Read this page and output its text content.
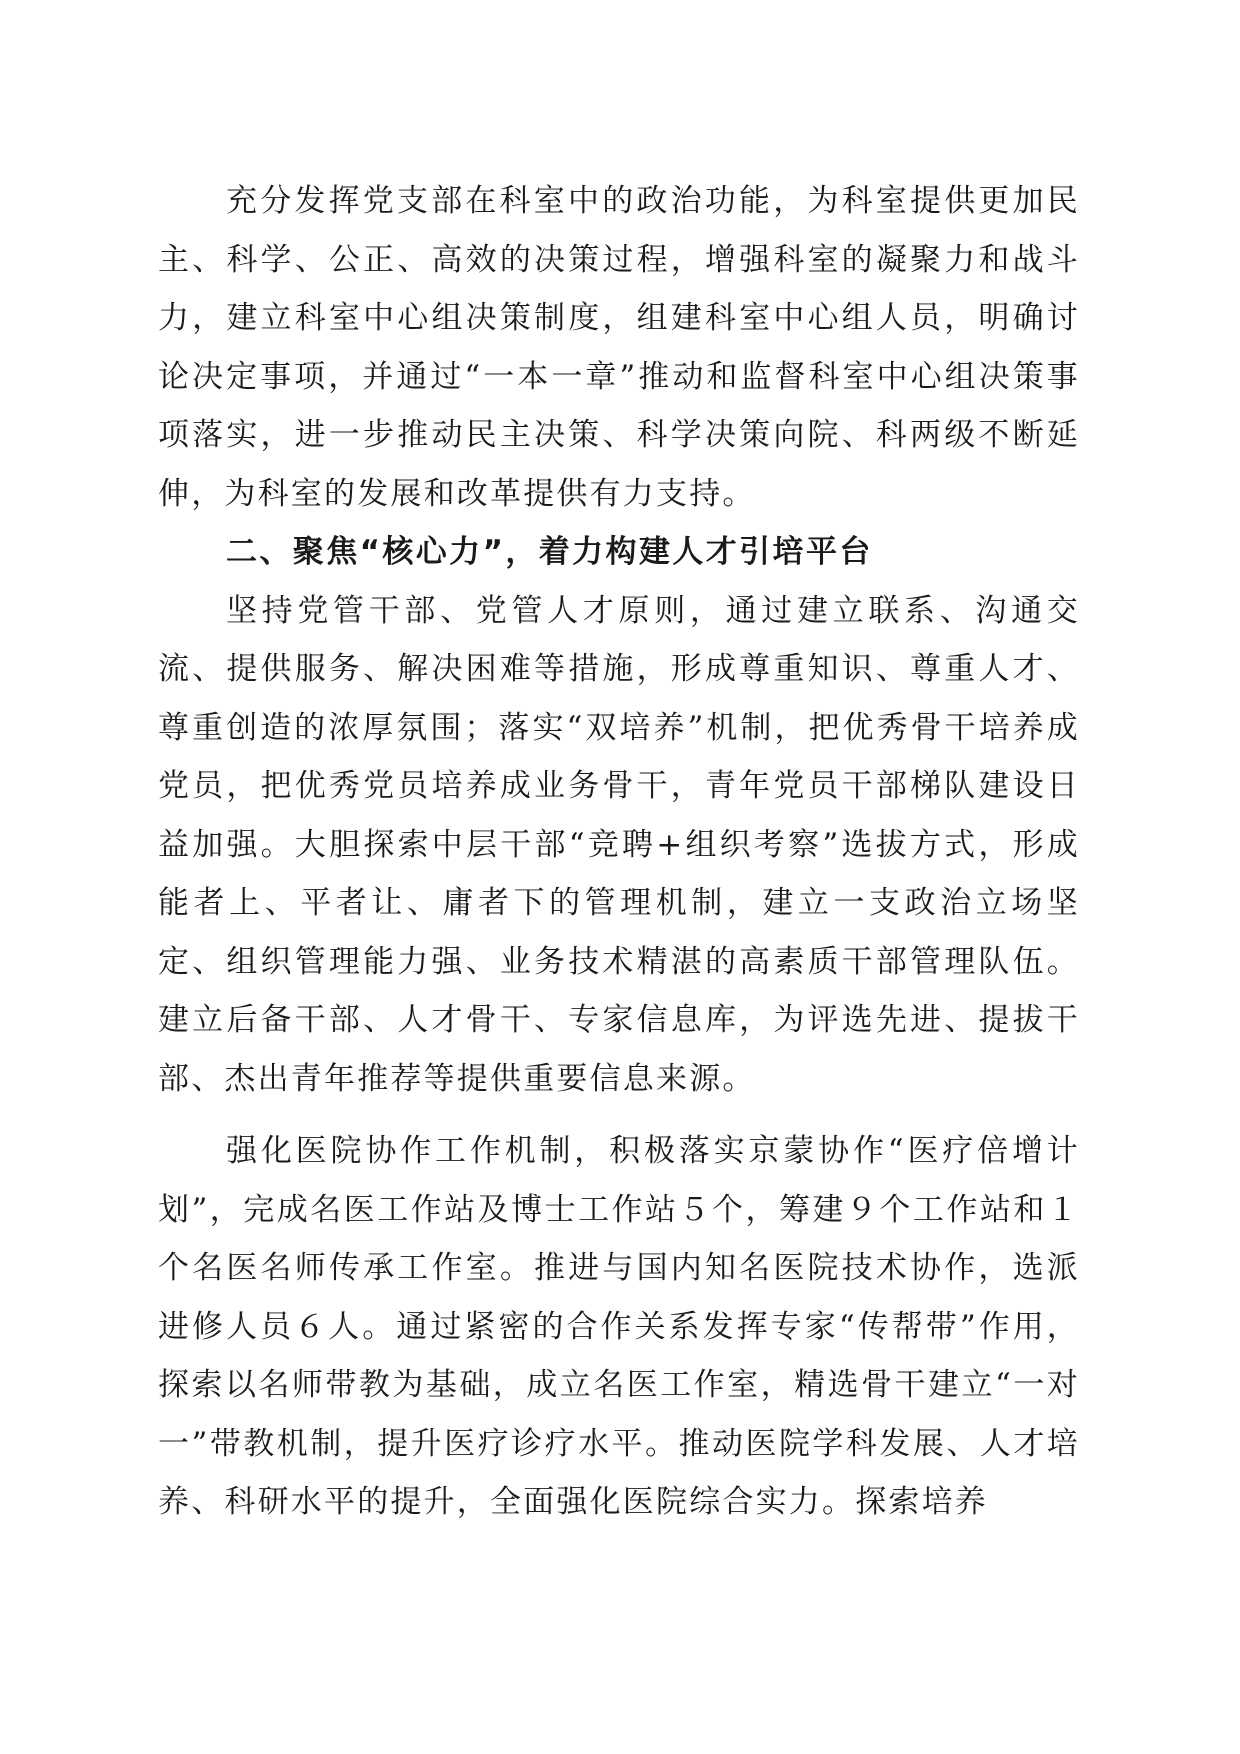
充分发挥党支部在科室中的政治功能，为科室提供更加民主、科学、公正、高效的决策过程，增强科室的凝聚力和战斗力，建立科室中心组决策制度，组建科室中心组人员，明确讨论决定事项，并通过“一本一章”推动和监督科室中心组决策事项落实，进一步推动民主决策、科学决策向院、科两级不断延伸，为科室的发展和改革提供有力支持。

二、聚焦“核心力”，着力构建人才引培平台

坚持党管干部、党管人才原则，通过建立联系、沟通交流、提供服务、解决困难等措施，形成尊重知识、尊重人才、尊重创造的浓厚氛围；落实“双培养”机制，把优秀骨干培养成党员，把优秀党员培养成业务骨干，青年党员干部梯队建设日益加强。大胆探索中层干部“竞聘+组织考察”选拔方式，形成能者上、平者让、庸者下的管理机制，建立一支政治立场坚定、组织管理能力强、业务技术精湛的高素质干部管理队伍。建立后备干部、人才骨干、专家信息库，为评选先进、提拔干部、杰出青年推荐等提供重要信息来源。

强化医院协作工作机制，积极落实京蒙协作“医疗倍增计划”，完成名医工作站及博士工作站５个，筹建９个工作站和１个名医名师传承工作室。推进与国内知名医院技术协作，选派进修人员６人。通过紧密的合作关系发挥专家“传帮带”作用，探索以名师带教为基础，成立名医工作室，精选骨干建立“一对一”带教机制，提升医疗诊疗水平。推动医院学科发展、人才培养、科研水平的提升，全面强化医院综合实力。探索培养
